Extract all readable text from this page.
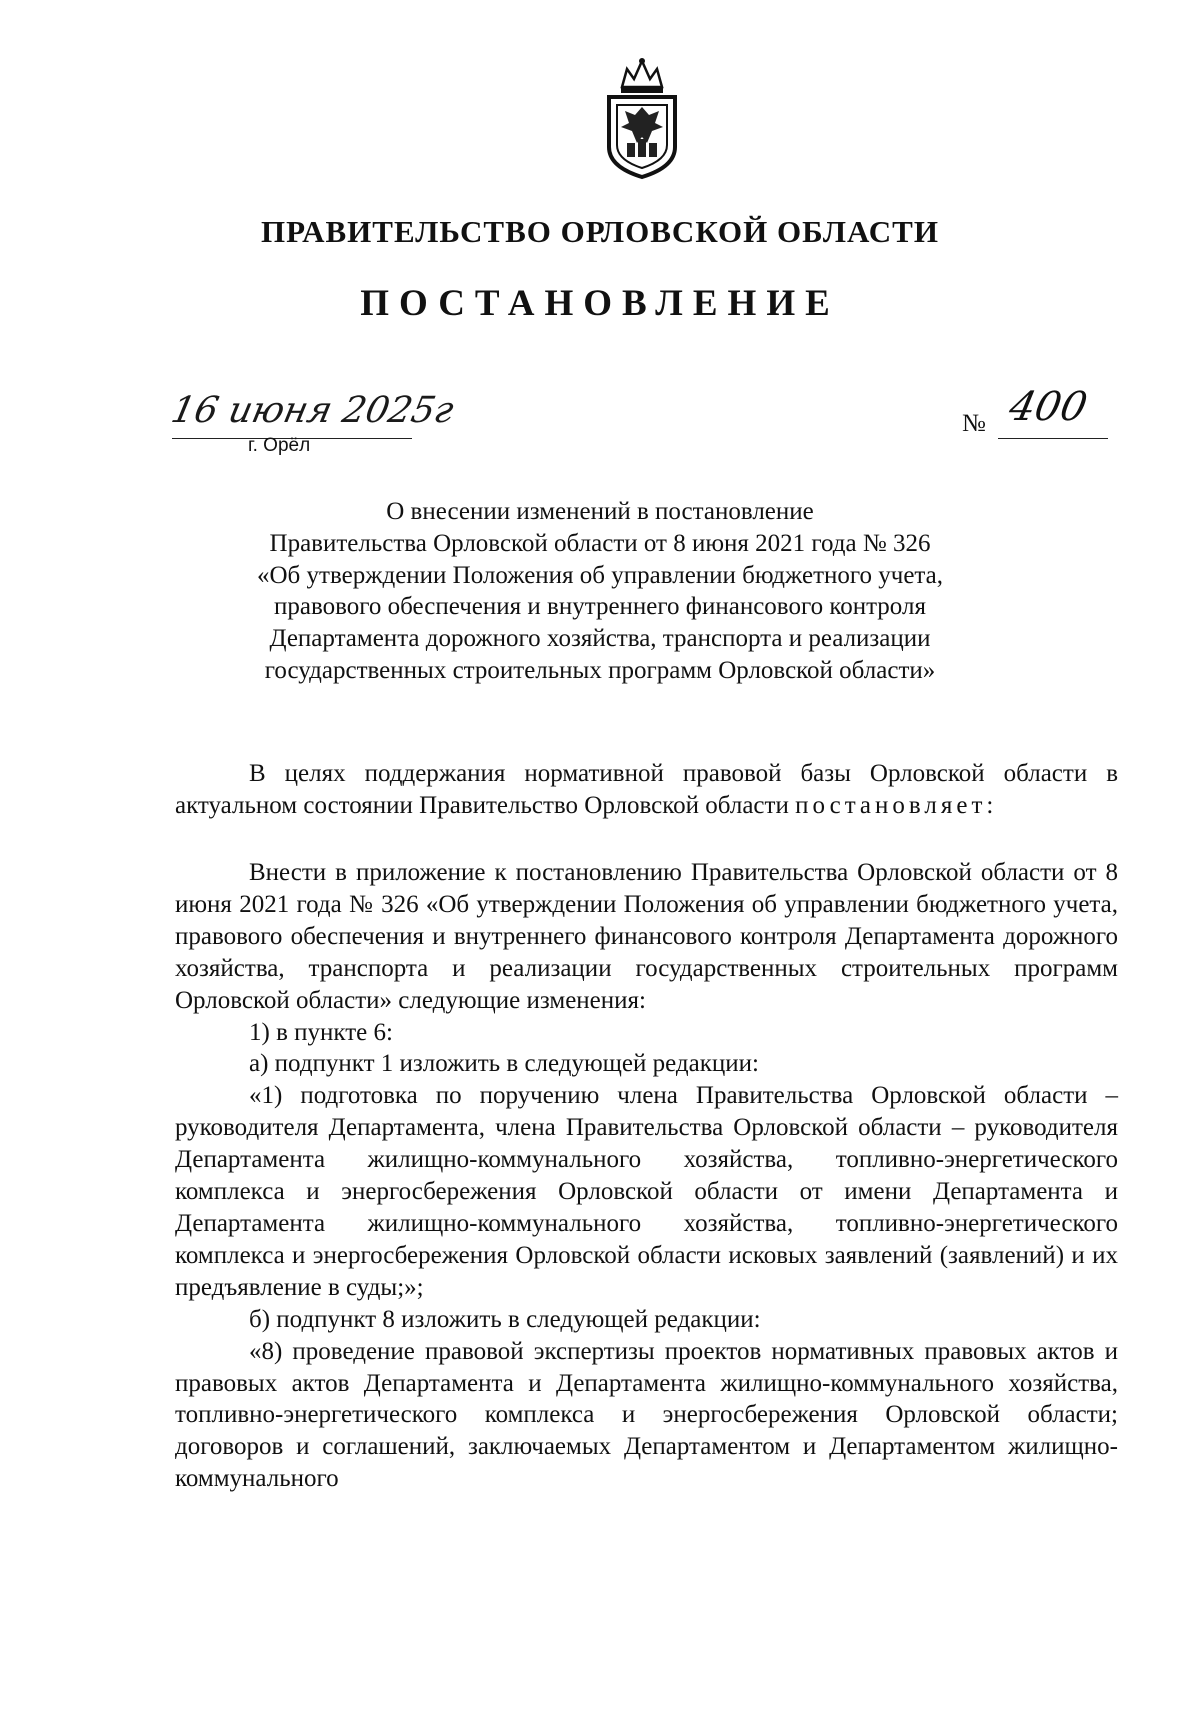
ПРАВИТЕЛЬСТВО ОРЛОВСКОЙ ОБЛАСТИ
ПОСТАНОВЛЕНИЕ
16 июня 2025г
г. Орёл
№ 400
О внесении изменений в постановление
Правительства Орловской области от 8 июня 2021 года № 326
«Об утверждении Положения об управлении бюджетного учета,
правового обеспечения и внутреннего финансового контроля
Департамента дорожного хозяйства, транспорта и реализации
государственных строительных программ Орловской области»

В целях поддержания нормативной правовой базы Орловской области в актуальном состоянии Правительство Орловской области постановляет:

Внести в приложение к постановлению Правительства Орловской области от 8 июня 2021 года № 326 «Об утверждении Положения об управлении бюджетного учета, правового обеспечения и внутреннего финансового контроля Департамента дорожного хозяйства, транспорта и реализации государственных строительных программ Орловской области» следующие изменения:

1) в пункте 6:

а) подпункт 1 изложить в следующей редакции:

«1) подготовка по поручению члена Правительства Орловской области – руководителя Департамента, члена Правительства Орловской области – руководителя Департамента жилищно-коммунального хозяйства, топливно-энергетического комплекса и энергосбережения Орловской области от имени Департамента и Департамента жилищно-коммунального хозяйства, топливно-энергетического комплекса и энергосбережения Орловской области исковых заявлений (заявлений) и их предъявление в суды;»;

б) подпункт 8 изложить в следующей редакции:

«8) проведение правовой экспертизы проектов нормативных правовых актов и правовых актов Департамента и Департамента жилищно-коммунального хозяйства, топливно-энергетического комплекса и энергосбережения Орловской области; договоров и соглашений, заключаемых Департаментом и Департаментом жилищно-коммунального
